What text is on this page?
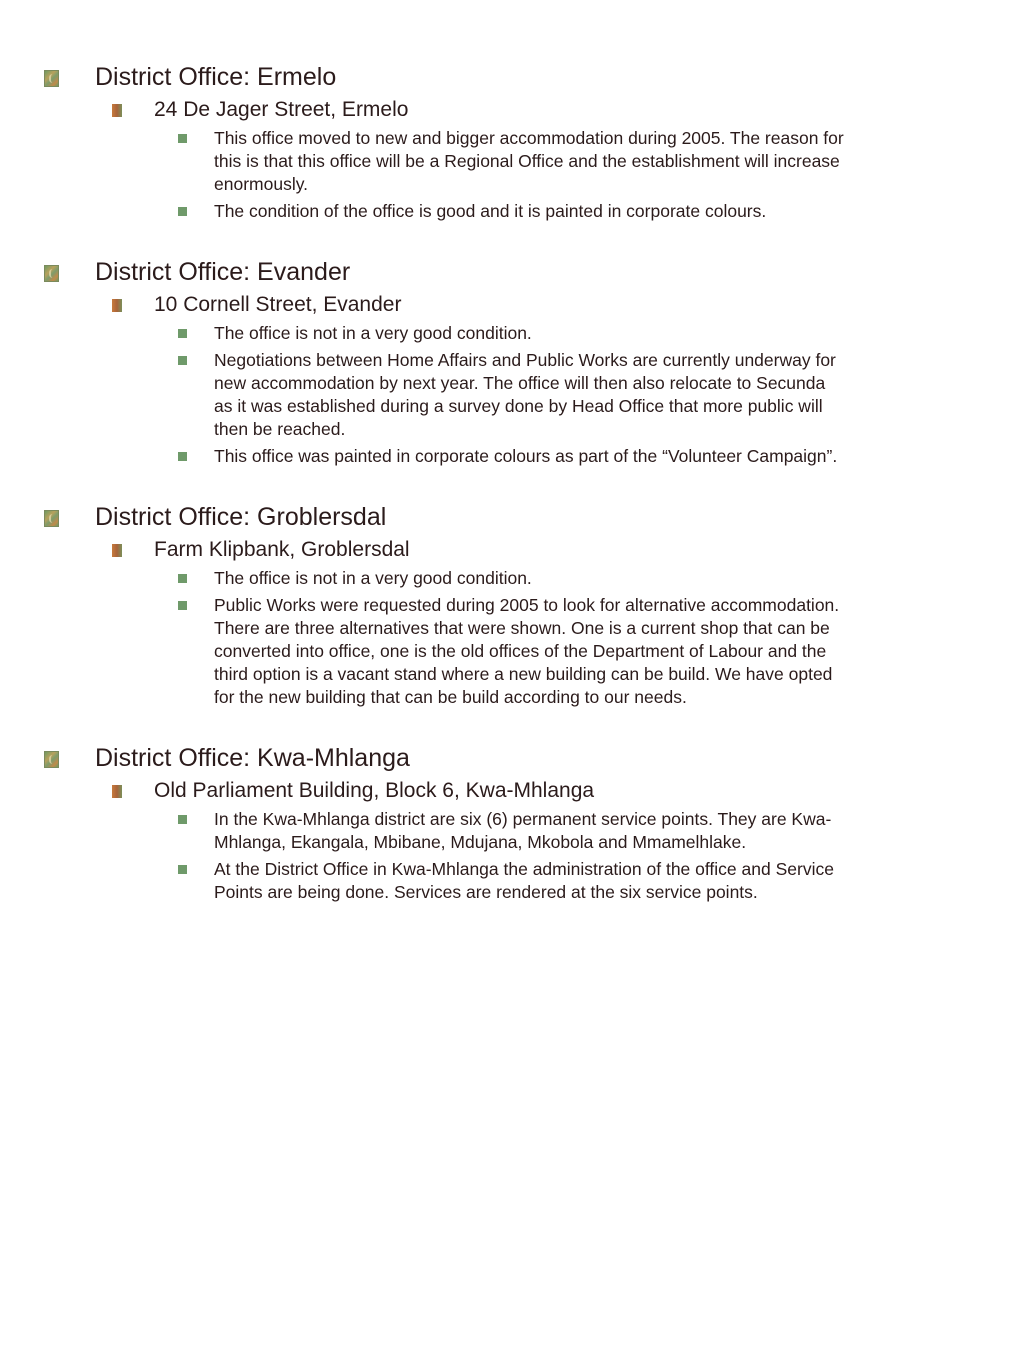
District Office: Ermelo
24 De Jager Street, Ermelo
This office moved to new and bigger accommodation during 2005. The reason for this is that this office will be a Regional Office and the establishment will increase enormously.
The condition of the office is good and it is painted in corporate colours.
District Office: Evander
10 Cornell Street, Evander
The office is not in a very good condition.
Negotiations between Home Affairs and Public Works are currently underway for new accommodation by next year. The office will then also relocate to Secunda as it was established during a survey done by Head Office that more public will then be reached.
This office was painted in corporate colours as part of the “Volunteer Campaign”.
District Office: Groblersdal
Farm Klipbank, Groblersdal
The office is not in a very good condition.
Public Works were requested during 2005 to look for alternative accommodation. There are three alternatives that were shown. One is a current shop that can be converted into office, one is the old offices of the Department of Labour and the third option is a vacant stand where a new building can be build. We have opted for the new building that can be build according to our needs.
District Office: Kwa-Mhlanga
Old Parliament Building, Block 6, Kwa-Mhlanga
In the Kwa-Mhlanga district are six (6) permanent service points. They are Kwa-Mhlanga, Ekangala, Mbibane, Mdujana, Mkobola and Mmamelhlake.
At the District Office in Kwa-Mhlanga the administration of the office and Service Points are being done. Services are rendered at the six service points.
